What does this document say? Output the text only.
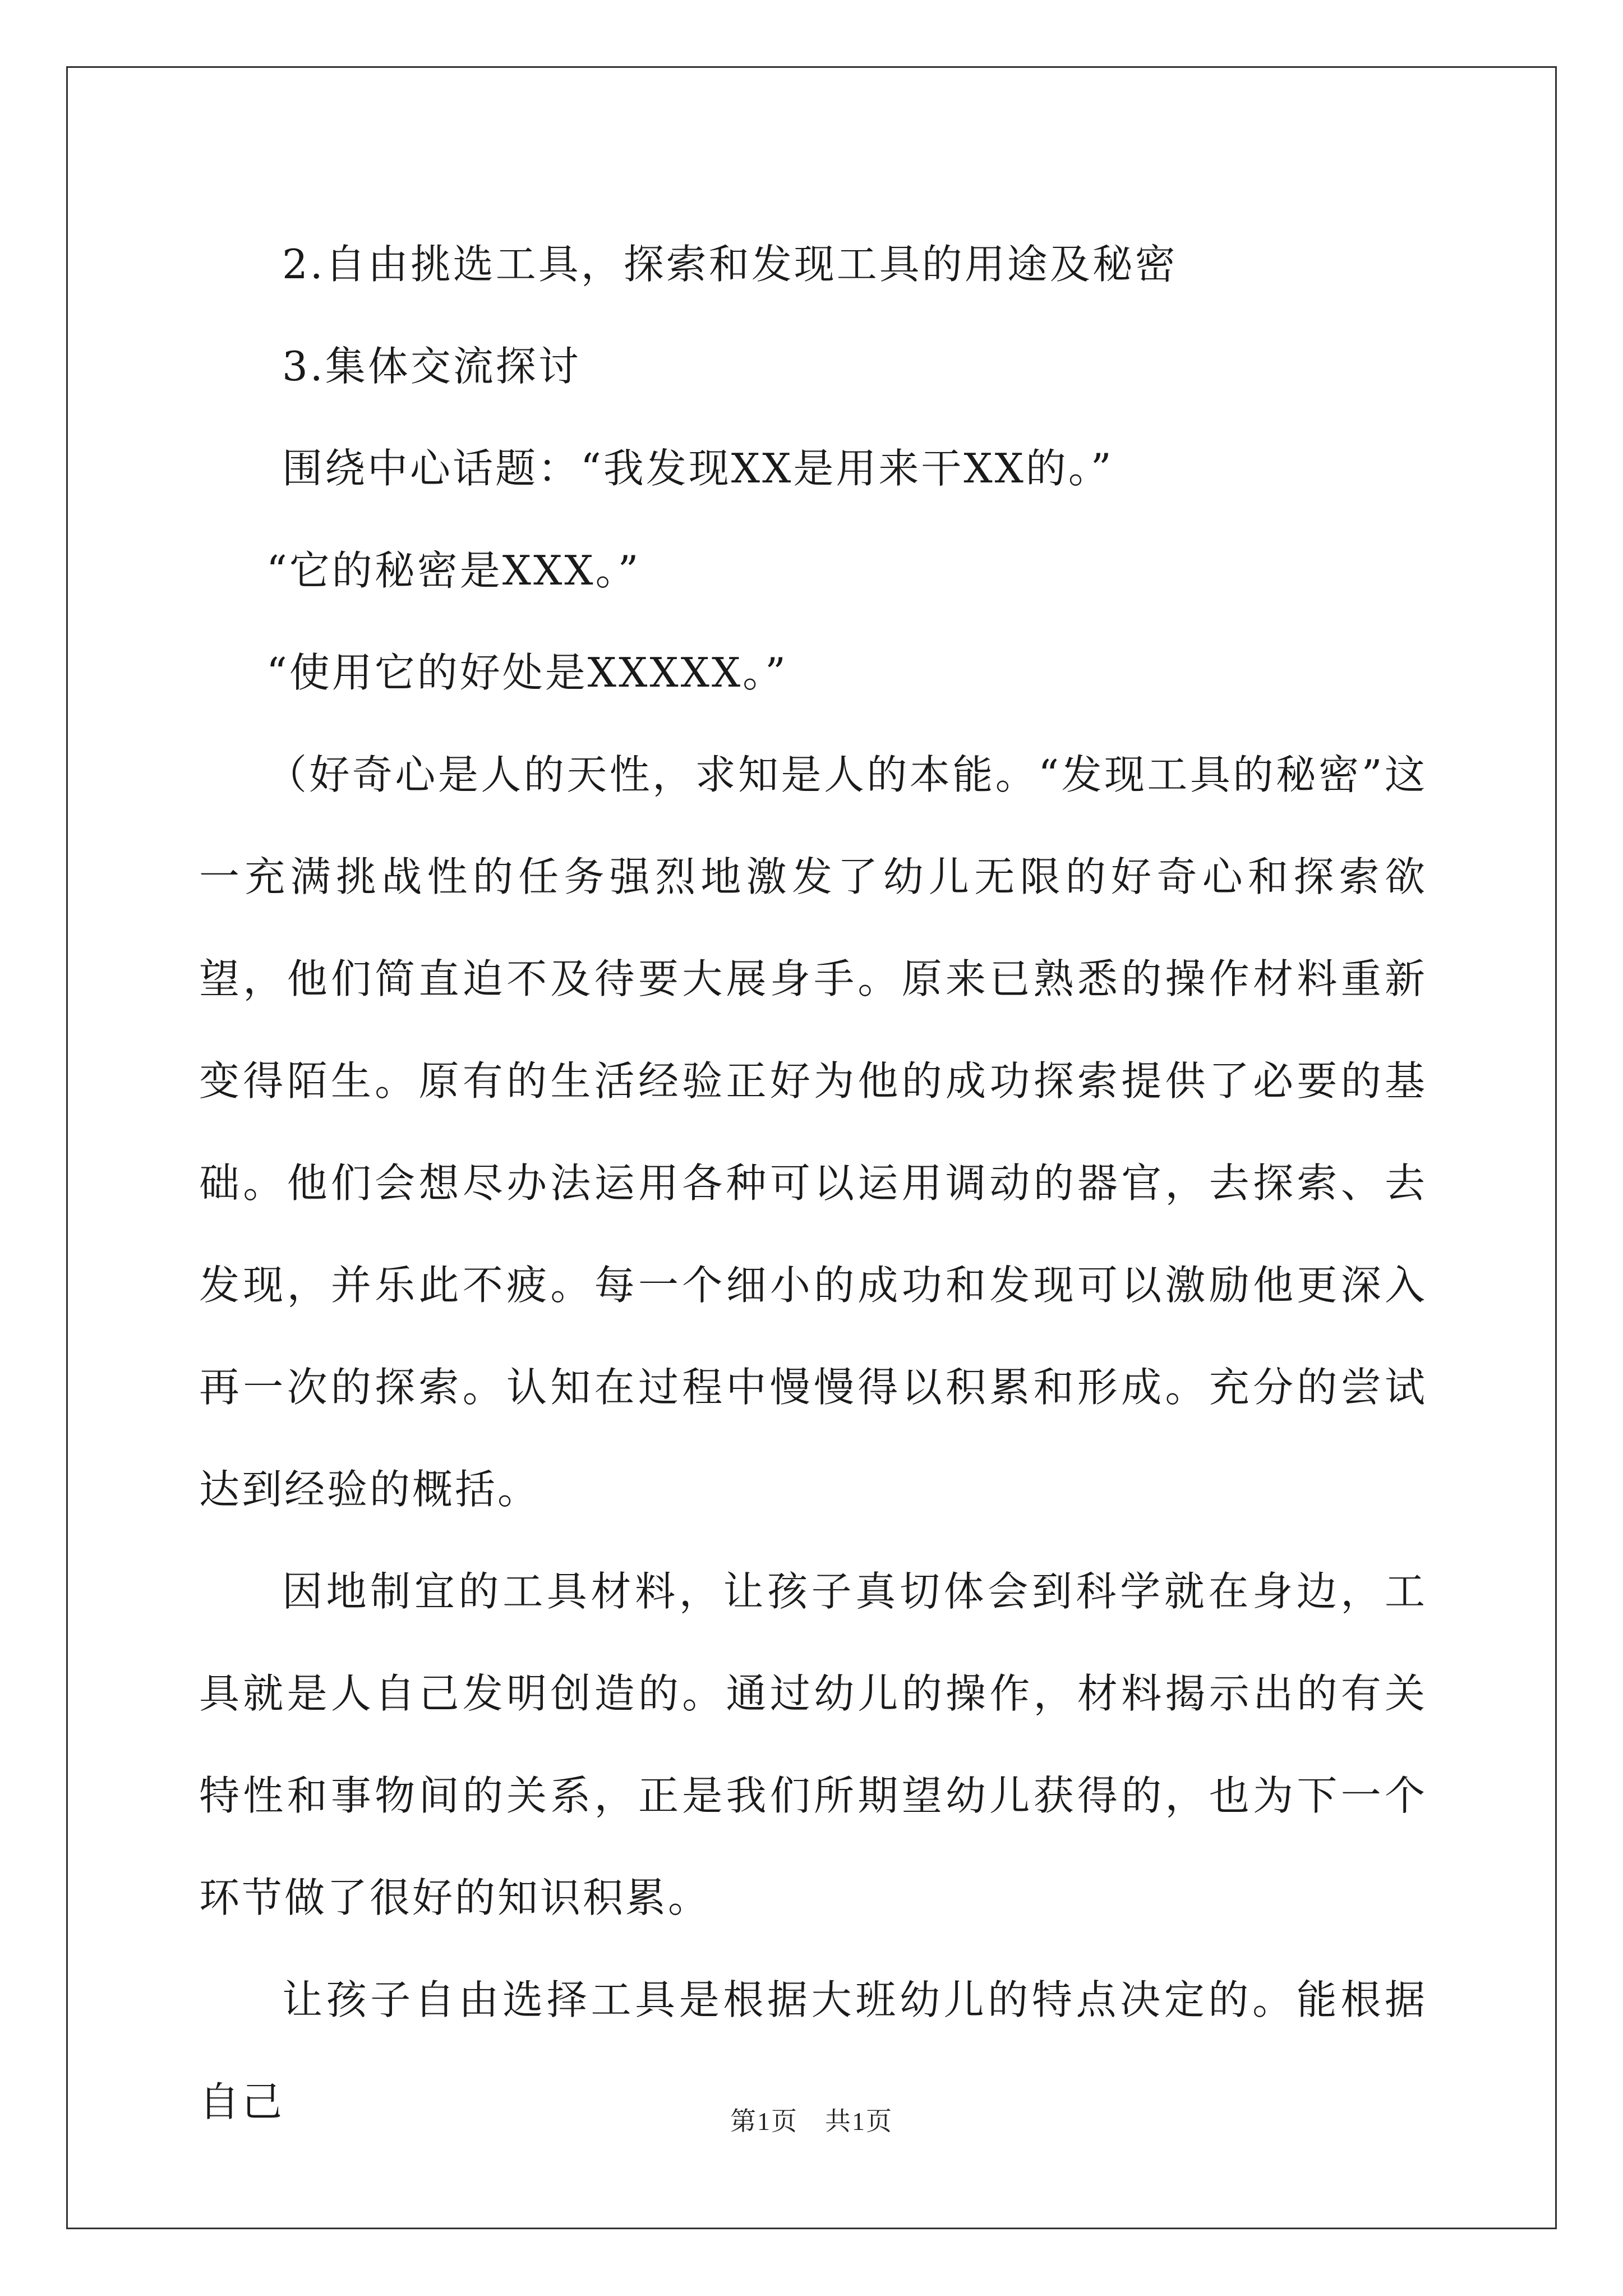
2.自由挑选工具，探索和发现工具的用途及秘密

3.集体交流探讨

围绕中心话题：“我发现XX是用来干XX的。”

“它的秘密是XXX。”

“使用它的好处是XXXXX。”

（好奇心是人的天性，求知是人的本能。“发现工具的秘密”这一充满挑战性的任务强烈地激发了幼儿无限的好奇心和探索欲望，他们简直迫不及待要大展身手。原来已熟悉的操作材料重新变得陌生。原有的生活经验正好为他的成功探索提供了必要的基础。他们会想尽办法运用各种可以运用调动的器官，去探索、去发现，并乐此不疲。每一个细小的成功和发现可以激励他更深入再一次的探索。认知在过程中慢慢得以积累和形成。充分的尝试达到经验的概括。

因地制宜的工具材料，让孩子真切体会到科学就在身边，工具就是人自己发明创造的。通过幼儿的操作，材料揭示出的有关特性和事物间的关系，正是我们所期望幼儿获得的，也为下一个环节做了很好的知识积累。

让孩子自由选择工具是根据大班幼儿的特点决定的。能根据自己	第1页　共1页
